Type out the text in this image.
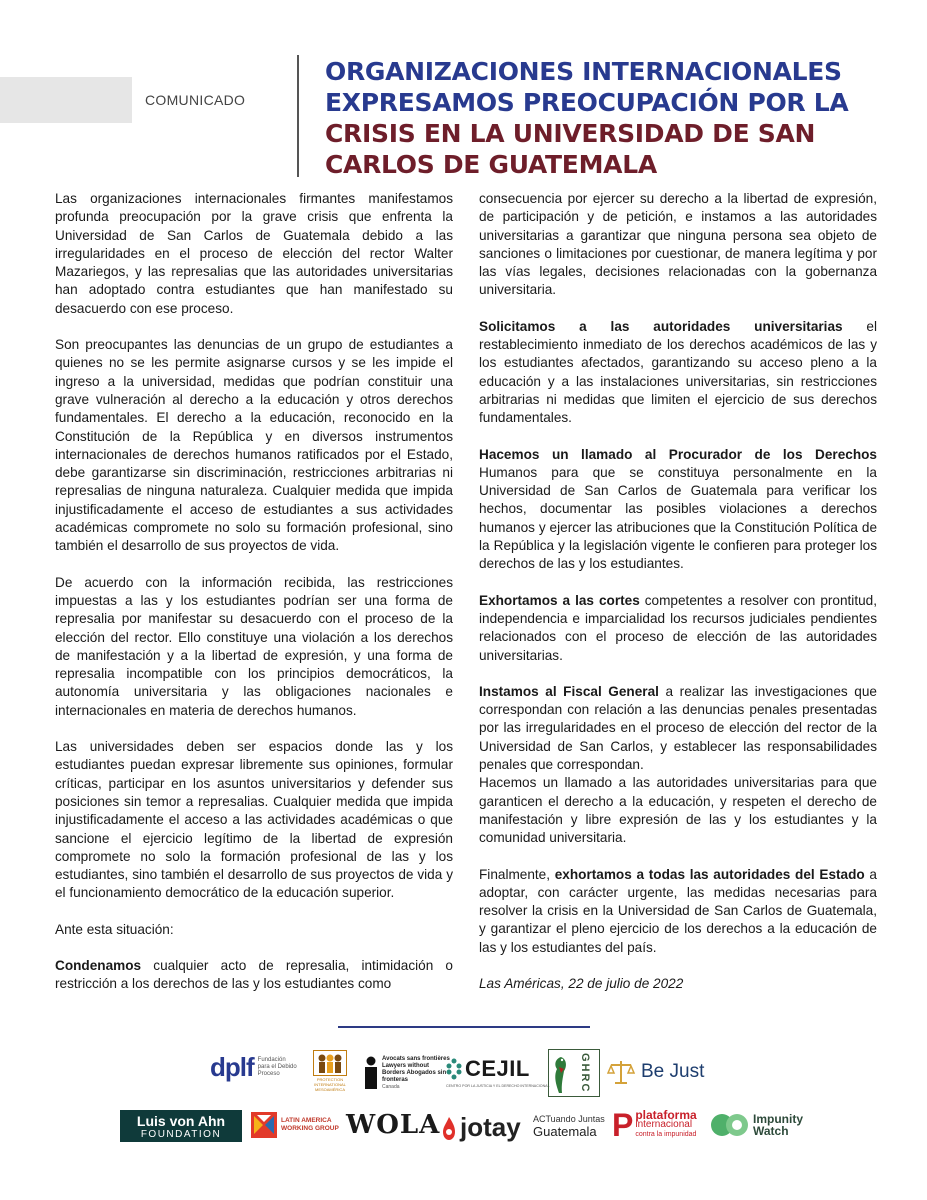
COMUNICADO
ORGANIZACIONES INTERNACIONALES
EXPRESAMOS PREOCUPACIÓN POR LA
CRISIS EN LA UNIVERSIDAD DE SAN
CARLOS DE GUATEMALA

Las organizaciones internacionales firmantes manifestamos profunda preocupación por la grave crisis que enfrenta la Universidad de San Carlos de Guatemala debido a las irregularidades en el proceso de elección del rector Walter Mazariegos, y las represalias que las autoridades universitarias han adoptado contra estudiantes que han manifestado su desacuerdo con ese proceso.

Son preocupantes las denuncias de un grupo de estudiantes a quienes no se les permite asignarse cursos y se les impide el ingreso a la universidad, medidas que podrían constituir una grave vulneración al derecho a la educación y otros derechos fundamentales. El derecho a la educación, reconocido en la Constitución de la República y en diversos instrumentos internacionales de derechos humanos ratificados por el Estado, debe garantizarse sin discriminación, restricciones arbitrarias ni represalias de ninguna naturaleza. Cualquier medida que impida injustificadamente el acceso de estudiantes a sus actividades académicas compromete no solo su formación profesional, sino también el desarrollo de sus proyectos de vida.

De acuerdo con la información recibida, las restricciones impuestas a las y los estudiantes podrían ser una forma de represalia por manifestar su desacuerdo con el proceso de la elección del rector. Ello constituye una violación a los derechos de manifestación y a la libertad de expresión, y una forma de represalia incompatible con los principios democráticos, la autonomía universitaria y las obligaciones nacionales e internacionales en materia de derechos humanos.

Las universidades deben ser espacios donde las y los estudiantes puedan expresar libremente sus opiniones, formular críticas, participar en los asuntos universitarios y defender sus posiciones sin temor a represalias. Cualquier medida que impida injustificadamente el acceso a las actividades académicas o que sancione el ejercicio legítimo de la libertad de expresión compromete no solo la formación profesional de las y los estudiantes, sino también el desarrollo de sus proyectos de vida y el funcionamiento democrático de la educación superior.

Ante esta situación:

Condenamos cualquier acto de represalia, intimidación o restricción a los derechos de las y los estudiantes como

consecuencia por ejercer su derecho a la libertad de expresión, de participación y de petición, e instamos a las autoridades universitarias a garantizar que ninguna persona sea objeto de sanciones o limitaciones por cuestionar, de manera legítima y por las vías legales, decisiones relacionadas con la gobernanza universitaria.

Solicitamos a las autoridades universitarias el restablecimiento inmediato de los derechos académicos de las y los estudiantes afectados, garantizando su acceso pleno a la educación y a las instalaciones universitarias, sin restricciones arbitrarias ni medidas que limiten el ejercicio de sus derechos fundamentales.

Hacemos un llamado al Procurador de los Derechos Humanos para que se constituya personalmente en la Universidad de San Carlos de Guatemala para verificar los hechos, documentar las posibles violaciones a derechos humanos y ejercer las atribuciones que la Constitución Política de la República y la legislación vigente le confieren para proteger los derechos de las y los estudiantes.

Exhortamos a las cortes competentes a resolver con prontitud, independencia e imparcialidad los recursos judiciales pendientes relacionados con el proceso de elección de las autoridades universitarias.

Instamos al Fiscal General a realizar las investigaciones que correspondan con relación a las denuncias penales presentadas por las irregularidades en el proceso de elección del rector de la Universidad de San Carlos, y establecer las responsabilidades penales que correspondan.

Hacemos un llamado a las autoridades universitarias para que garanticen el derecho a la educación, y respeten el derecho de manifestación y libre expresión de las y los estudiantes y la comunidad universitaria.

Finalmente, exhortamos a todas las autoridades del Estado a adoptar, con carácter urgente, las medidas necesarias para resolver la crisis en la Universidad de San Carlos de Guatemala, y garantizar el pleno ejercicio de los derechos a la educación de las y los estudiantes del país.

Las Américas, 22 de julio de 2022

dplf Fundación para el Debido Proceso
PROTECTION INTERNATIONAL MESOAMÉRICA
Avocats sans frontières Lawyers without Borders Abogados sin fronteras
Canada
CEJIL
CENTRO POR LA JUSTICIA Y EL DERECHO INTERNACIONAL	GHRC	Be Just
Luis von Ahn
FOUNDATION
LATIN AMERICA WORKING GROUP WOLA jotay ACTuando Juntas
Guatemala P plataforma
internacional
contra la impunidad
Impunity
Watch
